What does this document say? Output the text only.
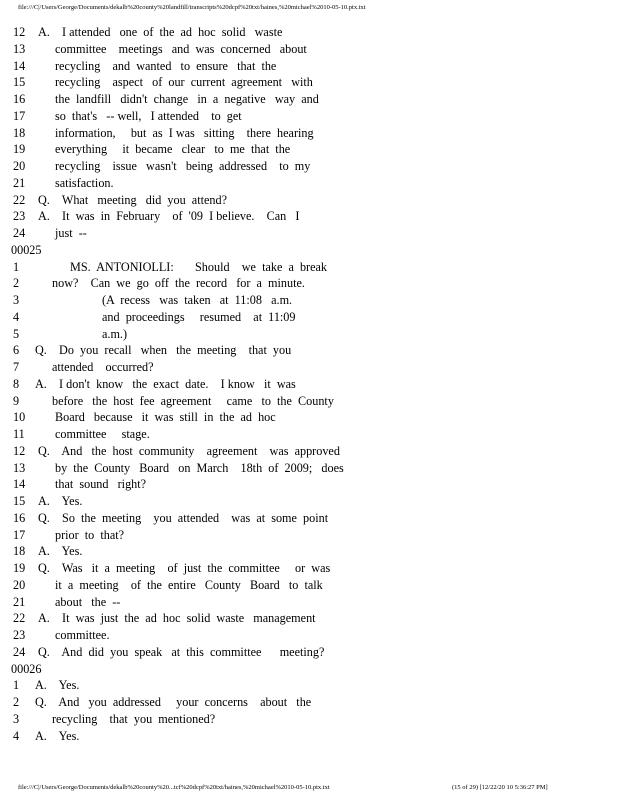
file:///C|/Users/George/Documents/dekalb%20county%20landfill/transcripts%20dcpf%20txt/haines,%20michael%2010-05-10.ptx.txt
12	A.    I attended   one  of  the  ad  hoc  solid   waste
13	committee    meetings   and  was  concerned   about
14	recycling    and  wanted   to  ensure   that  the
15	recycling    aspect   of  our  current  agreement   with
16	the  landfill   didn't  change   in  a  negative   way  and
17	so  that's   -- well,   I attended    to  get
18	information,     but  as  I was   sitting    there  hearing
19	everything     it  became   clear   to  me  that  the
20	recycling    issue   wasn't   being  addressed    to  my
21	satisfaction.
22	Q.    What   meeting   did  you  attend?
23	A.    It  was  in  February    of  '09  I believe.    Can   I
24	just  --
00025
1	MS.  ANTONIOLLI:       Should    we  take  a  break
2	now?    Can  we  go  off  the  record   for  a  minute.
3	(A  recess   was  taken   at  11:08   a.m.
4	and  proceedings     resumed    at  11:09
5	a.m.)
6	Q.    Do  you  recall   when   the  meeting    that  you
7	attended    occurred?
8	A.    I don't  know   the  exact  date.    I know   it  was
9	before   the  host  fee  agreement     came   to  the  County
10	Board   because   it  was  still  in  the  ad  hoc
11	committee     stage.
12	Q.    And   the  host  community    agreement    was  approved
13	by  the  County   Board   on  March    18th  of  2009;   does
14	that  sound   right?
15	A.    Yes.
16	Q.    So  the  meeting    you  attended    was  at  some  point
17	prior  to  that?
18	A.    Yes.
19	Q.    Was   it  a  meeting    of  just  the  committee     or  was
20	it  a  meeting    of  the  entire   County   Board   to  talk
21	about   the  --
22	A.    It  was  just  the  ad  hoc  solid  waste   management
23	committee.
24	Q.    And  did  you  speak   at  this  committee      meeting?
00026
1	A.    Yes.
2	Q.    And   you  addressed     your  concerns    about   the
3	recycling    that  you  mentioned?
4	A.    Yes.
file:///C|/Users/George/Documents/dekalb%20county%20...tcf%20dcpf%20txt/haines,%20michael%2010-05-10.ptx.txt	(15 of 29) [12/22/20 10 5:36:27 PM]
